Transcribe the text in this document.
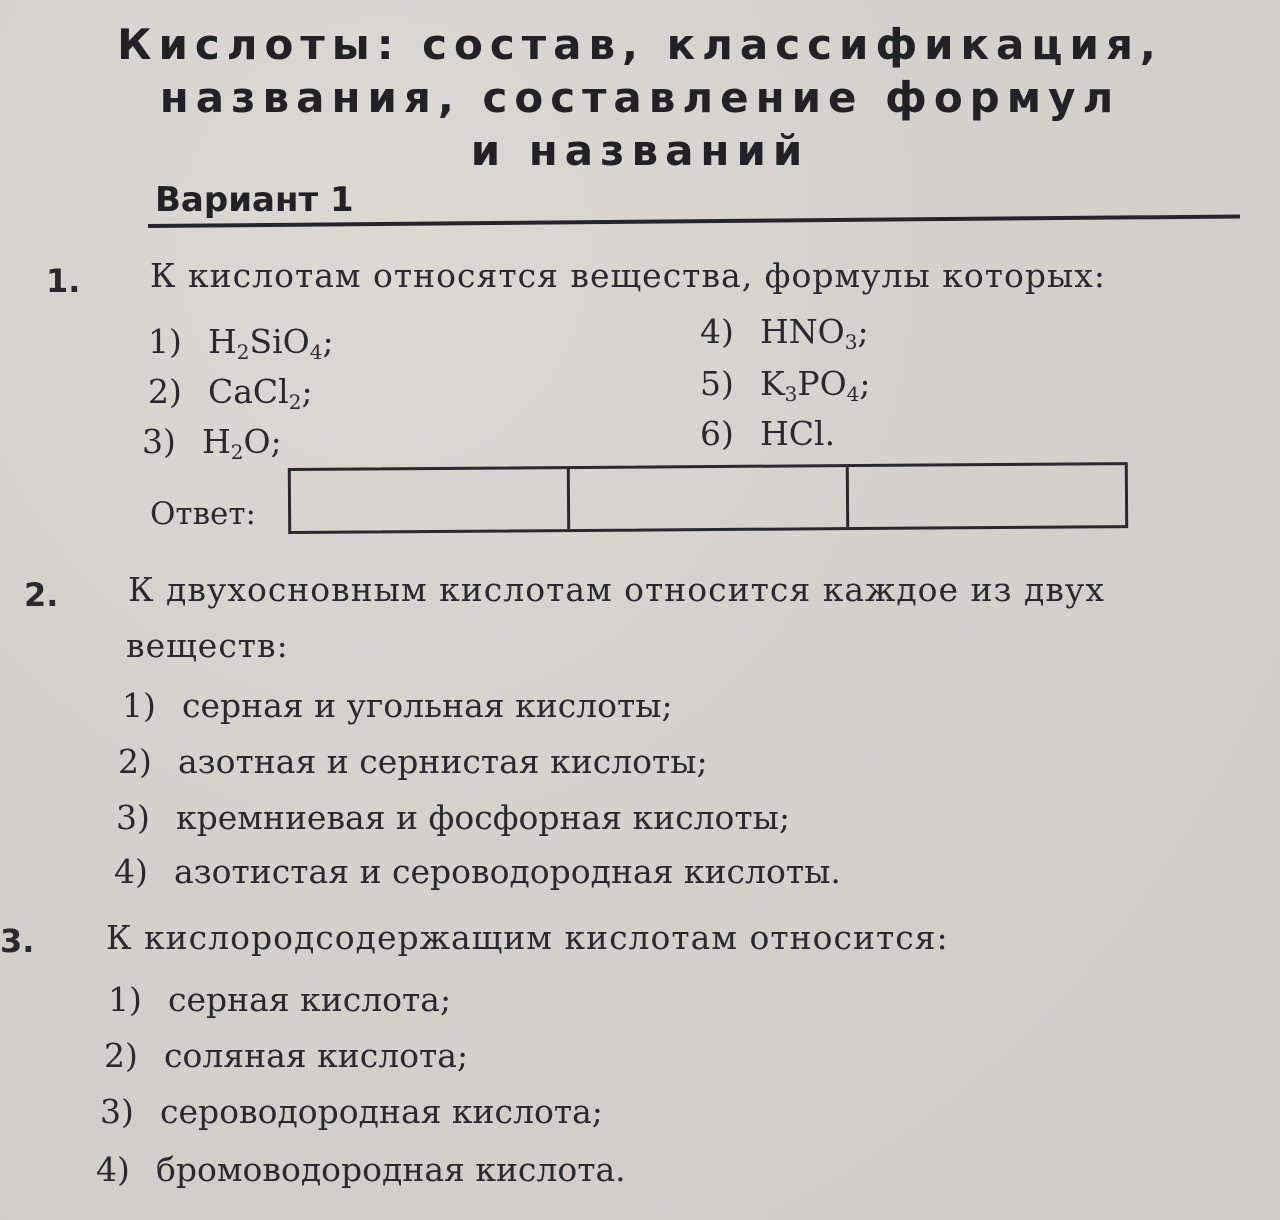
Кислоты: состав, классификация,
названия, составление формул
и названий
Вариант 1
1. К кислотам относятся вещества, формулы которых:
1) $H_2SiO_4$;
2) CaCl$_2$;
3) $H_2O$;
4) $HNO_3$;
5) $K_3PO_4$;
6) HCl.
Ответ:
2. К двухосновным кислотам относится каждое из двух
веществ:
1) серная и угольная кислоты;
2) азотная и сернистая кислоты;
3) кремниевая и фосфорная кислоты;
4) азотистая и сероводородная кислоты.
3. К кислородсодержащим кислотам относится:
1) серная кислота;
2) соляная кислота;
3) сероводородная кислота;
4) бромоводородная кислота.
